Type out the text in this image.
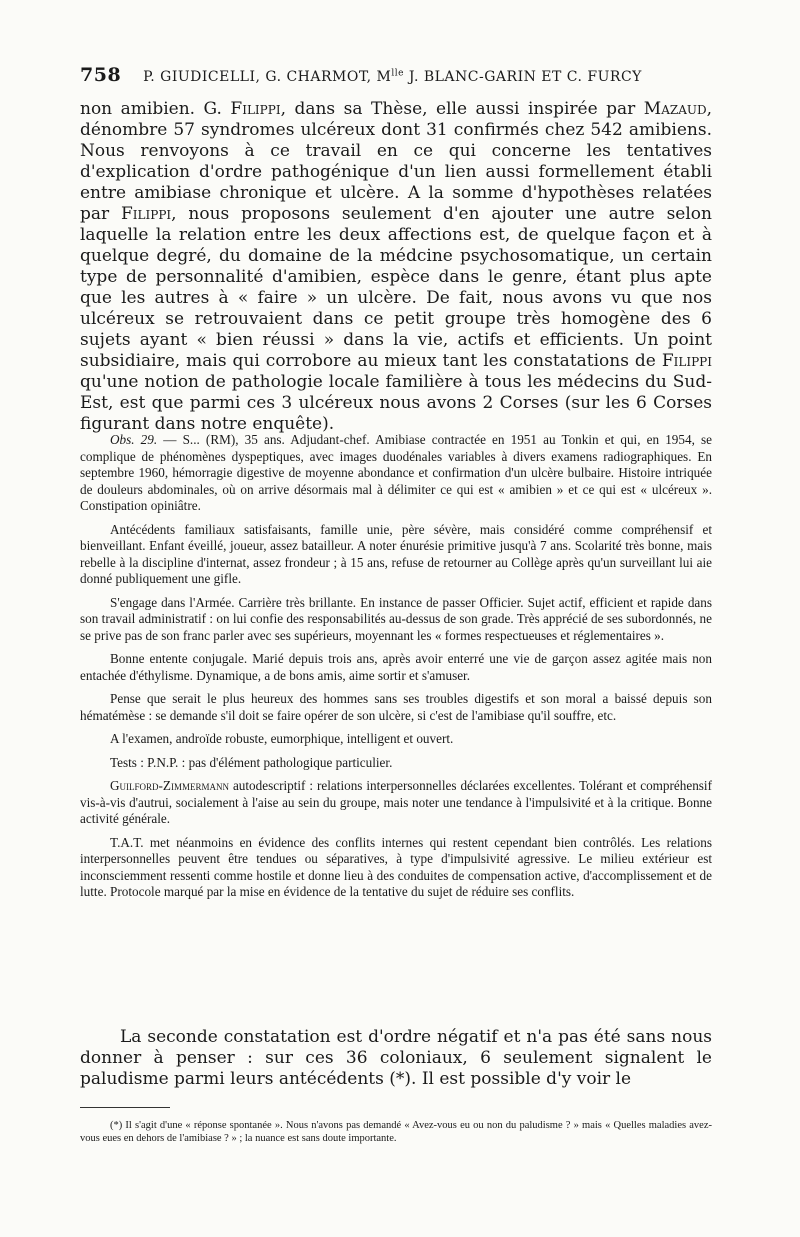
758 P. GIUDICELLI, G. CHARMOT, $M^{lle}$ J. BLANC-GARIN ET C. FURCY

non amibien. G. Filippi, dans sa Thèse, elle aussi inspirée par Mazaud, dénombre 57 syndromes ulcéreux dont 31 confirmés chez 542 amibiens. Nous renvoyons à ce travail en ce qui concerne les tentatives d'explication d'ordre pathogénique d'un lien aussi formellement établi entre amibiase chronique et ulcère. A la somme d'hypothèses relatées par Filippi, nous proposons seulement d'en ajouter une autre selon laquelle la relation entre les deux affections est, de quelque façon et à quelque degré, du domaine de la médcine psychosomatique, un certain type de personnalité d'amibien, espèce dans le genre, étant plus apte que les autres à « faire » un ulcère. De fait, nous avons vu que nos ulcéreux se retrouvaient dans ce petit groupe très homogène des 6 sujets ayant « bien réussi » dans la vie, actifs et efficients. Un point subsidiaire, mais qui corrobore au mieux tant les constatations de Filippi qu'une notion de pathologie locale familière à tous les médecins du Sud-Est, est que parmi ces 3 ulcéreux nous avons 2 Corses (sur les 6 Corses figurant dans notre enquête).

Obs. 29. — S... (RM), 35 ans. Adjudant-chef. Amibiase contractée en 1951 au Tonkin et qui, en 1954, se complique de phénomènes dyspeptiques, avec images duodénales variables à divers examens radiographiques. En septembre 1960, hémorragie digestive de moyenne abondance et confirmation d'un ulcère bulbaire. Histoire intriquée de douleurs abdominales, où on arrive désormais mal à délimiter ce qui est « amibien » et ce qui est « ulcéreux ». Constipation opiniâtre.

Antécédents familiaux satisfaisants, famille unie, père sévère, mais considéré comme compréhensif et bienveillant. Enfant éveillé, joueur, assez batailleur. A noter énurésie primitive jusqu'à 7 ans. Scolarité très bonne, mais rebelle à la discipline d'internat, assez frondeur ; à 15 ans, refuse de retourner au Collège après qu'un surveillant lui aie donné publiquement une gifle.

S'engage dans l'Armée. Carrière très brillante. En instance de passer Officier. Sujet actif, efficient et rapide dans son travail administratif : on lui confie des responsabilités au-dessus de son grade. Très apprécié de ses subordonnés, ne se prive pas de son franc parler avec ses supérieurs, moyennant les « formes respectueuses et réglementaires ».

Bonne entente conjugale. Marié depuis trois ans, après avoir enterré une vie de garçon assez agitée mais non entachée d'éthylisme. Dynamique, a de bons amis, aime sortir et s'amuser.

Pense que serait le plus heureux des hommes sans ses troubles digestifs et son moral a baissé depuis son hématémèse : se demande s'il doit se faire opérer de son ulcère, si c'est de l'amibiase qu'il souffre, etc.

A l'examen, androïde robuste, eumorphique, intelligent et ouvert.

Tests : P.N.P. : pas d'élément pathologique particulier.

Guilford-Zimmermann autodescriptif : relations interpersonnelles déclarées excellentes. Tolérant et compréhensif vis-à-vis d'autrui, socialement à l'aise au sein du groupe, mais noter une tendance à l'impulsivité et à la critique. Bonne activité générale.

T.A.T. met néanmoins en évidence des conflits internes qui restent cependant bien contrôlés. Les relations interpersonnelles peuvent être tendues ou séparatives, à type d'impulsivité agressive. Le milieu extérieur est inconsciemment ressenti comme hostile et donne lieu à des conduites de compensation active, d'accomplissement et de lutte. Protocole marqué par la mise en évidence de la tentative du sujet de réduire ses conflits.

La seconde constatation est d'ordre négatif et n'a pas été sans nous donner à penser : sur ces 36 coloniaux, 6 seulement signalent le paludisme parmi leurs antécédents (*). Il est possible d'y voir le

(*) Il s'agit d'une « réponse spontanée ». Nous n'avons pas demandé « Avez-vous eu ou non du paludisme ? » mais « Quelles maladies avez-vous eues en dehors de l'amibiase ? » ; la nuance est sans doute importante.
